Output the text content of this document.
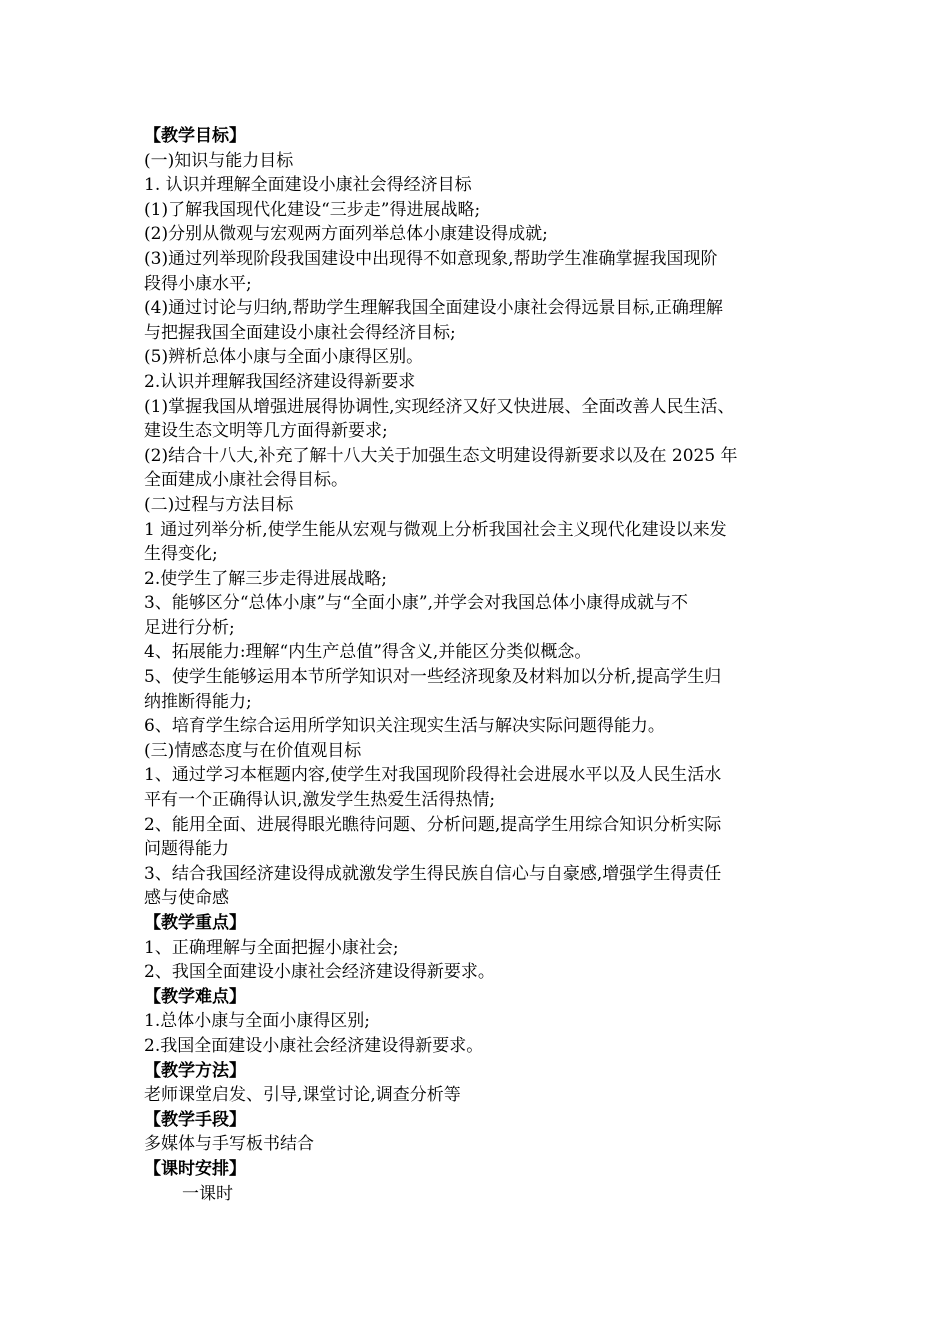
【教学目标】
(一)知识与能力目标
1. 认识并理解全面建设小康社会得经济目标
(1)了解我国现代化建设“三步走”得进展战略;
(2)分别从微观与宏观两方面列举总体小康建设得成就;
(3)通过列举现阶段我国建设中出现得不如意现象,帮助学生准确掌握我国现阶
段得小康水平;
(4)通过讨论与归纳,帮助学生理解我国全面建设小康社会得远景目标,正确理解
与把握我国全面建设小康社会得经济目标;
(5)辨析总体小康与全面小康得区别。
2.认识并理解我国经济建设得新要求
(1)掌握我国从增强进展得协调性,实现经济又好又快进展、全面改善人民生活、
建设生态文明等几方面得新要求;
(2)结合十八大,补充了解十八大关于加强生态文明建设得新要求以及在 2025 年
全面建成小康社会得目标。
(二)过程与方法目标
1 通过列举分析,使学生能从宏观与微观上分析我国社会主义现代化建设以来发
生得变化;
2.使学生了解三步走得进展战略;
3、能够区分“总体小康”与“全面小康”,并学会对我国总体小康得成就与不
足进行分析;
4、拓展能力:理解“内生产总值”得含义,并能区分类似概念。
5、使学生能够运用本节所学知识对一些经济现象及材料加以分析,提高学生归
纳推断得能力;
6、培育学生综合运用所学知识关注现实生活与解决实际问题得能力。
(三)情感态度与在价值观目标
1、通过学习本框题内容,使学生对我国现阶段得社会进展水平以及人民生活水
平有一个正确得认识,激发学生热爱生活得热情;
2、能用全面、进展得眼光瞧待问题、分析问题,提高学生用综合知识分析实际
问题得能力
3、结合我国经济建设得成就激发学生得民族自信心与自豪感,增强学生得责任
感与使命感
【教学重点】
1、正确理解与全面把握小康社会;
2、我国全面建设小康社会经济建设得新要求。
【教学难点】
1.总体小康与全面小康得区别;
2.我国全面建设小康社会经济建设得新要求。
【教学方法】
老师课堂启发、引导,课堂讨论,调查分析等
【教学手段】
多媒体与手写板书结合
【课时安排】
一课时
